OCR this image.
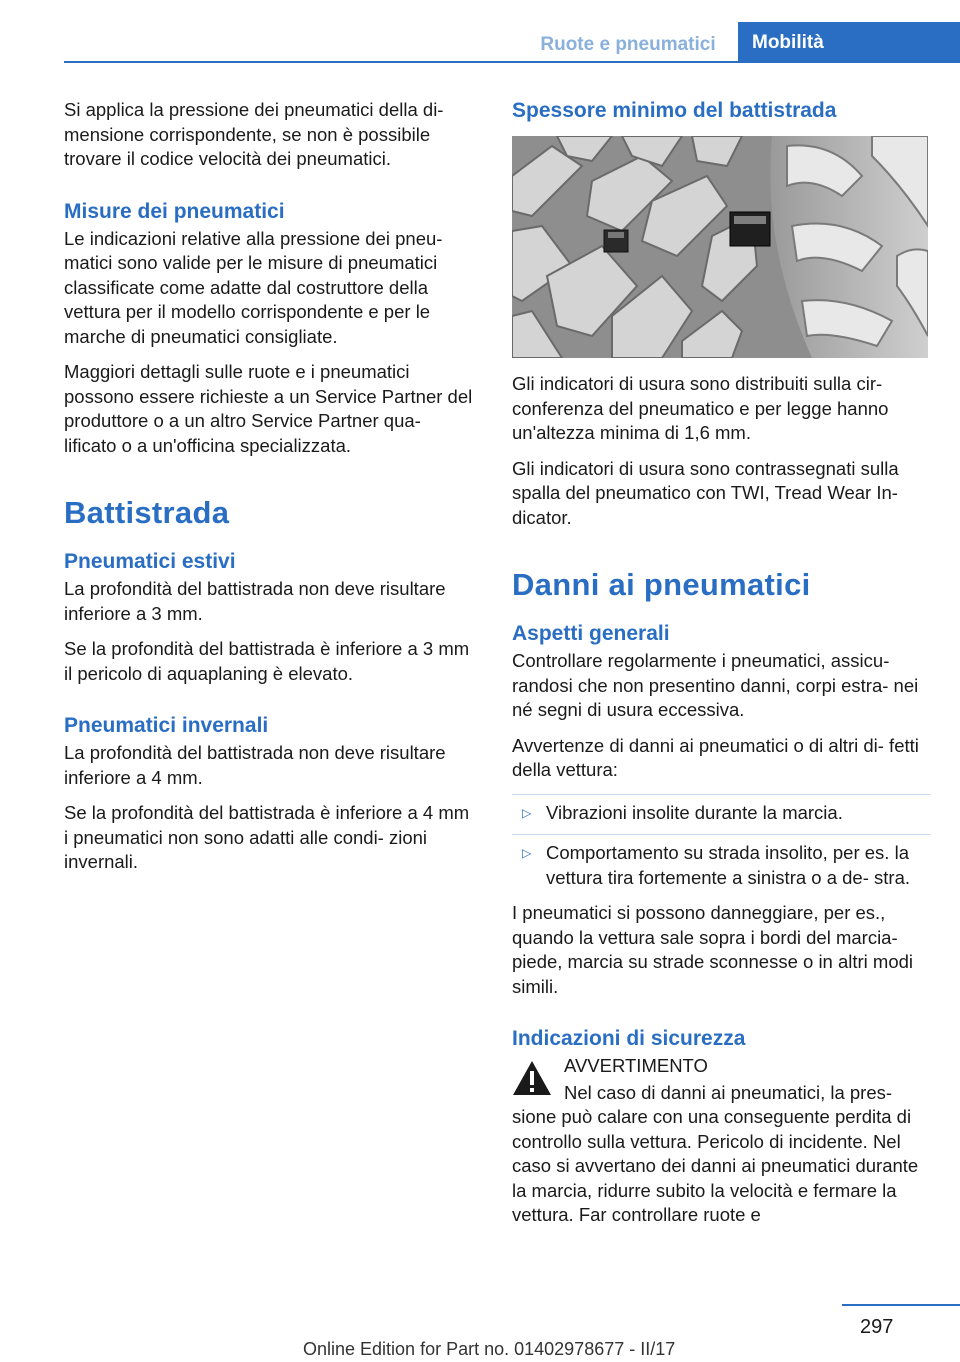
Ruote e pneumatici	Mobilità

Si applica la pressione dei pneumatici della di- mensione corrispondente, se non è possibile trovare il codice velocità dei pneumatici.

Misure dei pneumatici

Le indicazioni relative alla pressione dei pneu- matici sono valide per le misure di pneumatici classificate come adatte dal costruttore della vettura per il modello corrispondente e per le marche di pneumatici consigliate.

Maggiori dettagli sulle ruote e i pneumatici possono essere richieste a un Service Partner del produttore o a un altro Service Partner qua- lificato o a un'officina specializzata.

Battistrada
Pneumatici estivi

La profondità del battistrada non deve risultare inferiore a 3 mm.

Se la profondità del battistrada è inferiore a 3 mm il pericolo di aquaplaning è elevato.

Pneumatici invernali

La profondità del battistrada non deve risultare inferiore a 4 mm.

Se la profondità del battistrada è inferiore a 4 mm i pneumatici non sono adatti alle condi- zioni invernali.

Spessore minimo del battistrada

Gli indicatori di usura sono distribuiti sulla cir- conferenza del pneumatico e per legge hanno un'altezza minima di 1,6 mm.

Gli indicatori di usura sono contrassegnati sulla spalla del pneumatico con TWI, Tread Wear In- dicator.

Danni ai pneumatici
Aspetti generali

Controllare regolarmente i pneumatici, assicu- randosi che non presentino danni, corpi estra- nei né segni di usura eccessiva.

Avvertenze di danni ai pneumatici o di altri di- fetti della vettura:

▷ Vibrazioni insolite durante la marcia.
▷ Comportamento su strada insolito, per es. la vettura tira fortemente a sinistra o a de- stra.

I pneumatici si possono danneggiare, per es., quando la vettura sale sopra i bordi del marcia- piede, marcia su strade sconnesse o in altri modi simili.

Indicazioni di sicurezza

AVVERTIMENTO

Nel caso di danni ai pneumatici, la pres- sione può calare con una conseguente perdita di controllo sulla vettura. Pericolo di incidente. Nel caso si avvertano dei danni ai pneumatici durante la marcia, ridurre subito la velocità e fermare la vettura. Far controllare ruote e

297
Online Edition for Part no. 01402978677 - II/17
